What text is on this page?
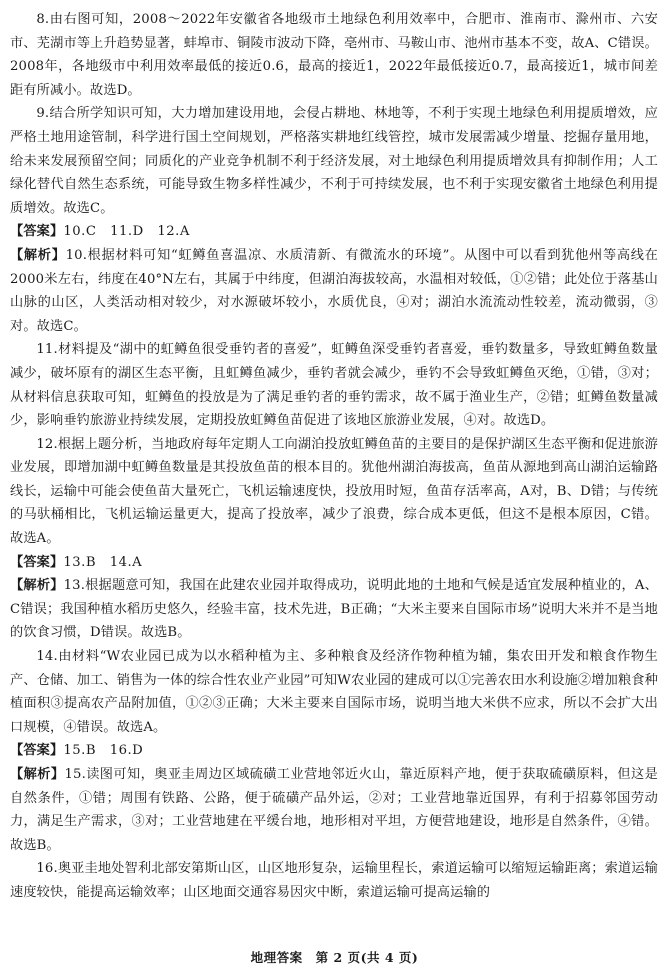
8.由右图可知，2008～2022年安徽省各地级市土地绿色利用效率中，合肥市、淮南市、滁州市、六安市、芜湖市等上升趋势显著，蚌埠市、铜陵市波动下降，亳州市、马鞍山市、池州市基本不变，故A、C错误。2008年，各地级市中利用效率最低的接近0.6，最高的接近1，2022年最低接近0.7，最高接近1，城市间差距有所减小。故选D。

9.结合所学知识可知，大力增加建设用地，会侵占耕地、林地等，不利于实现土地绿色利用提质增效，应严格土地用途管制，科学进行国土空间规划，严格落实耕地红线管控，城市发展需减少增量、挖掘存量用地，给未来发展预留空间；同质化的产业竞争机制不利于经济发展，对土地绿色利用提质增效具有抑制作用；人工绿化替代自然生态系统，可能导致生物多样性减少，不利于可持续发展，也不利于实现安徽省土地绿色利用提质增效。故选C。

【答案】10.C　11.D　12.A

【解析】10.根据材料可知“虹鳟鱼喜温凉、水质清新、有微流水的环境”。从图中可以看到犹他州等高线在2000米左右，纬度在40°N左右，其属于中纬度，但湖泊海拔较高，水温相对较低，①②错；此处位于落基山山脉的山区，人类活动相对较少，对水源破坏较小，水质优良，④对；湖泊水流流动性较差，流动微弱，③对。故选C。

11.材料提及“湖中的虹鳟鱼很受垂钓者的喜爱”，虹鳟鱼深受垂钓者喜爱，垂钓数量多，导致虹鳟鱼数量减少，破坏原有的湖区生态平衡，且虹鳟鱼减少，垂钓者就会减少，垂钓不会导致虹鳟鱼灭绝，①错，③对；从材料信息获取可知，虹鳟鱼的投放是为了满足垂钓者的垂钓需求，故不属于渔业生产，②错；虹鳟鱼数量减少，影响垂钓旅游业持续发展，定期投放虹鳟鱼苗促进了该地区旅游业发展，④对。故选D。

12.根据上题分析，当地政府每年定期人工向湖泊投放虹鳟鱼苗的主要目的是保护湖区生态平衡和促进旅游业发展，即增加湖中虹鳟鱼数量是其投放鱼苗的根本目的。犹他州湖泊海拔高，鱼苗从源地到高山湖泊运输路线长，运输中可能会使鱼苗大量死亡，飞机运输速度快，投放用时短，鱼苗存活率高，A对，B、D错；与传统的马驮桶相比，飞机运输运量更大，提高了投放率，减少了浪费，综合成本更低，但这不是根本原因，C错。故选A。

【答案】13.B　14.A

【解析】13.根据题意可知，我国在此建农业园并取得成功，说明此地的土地和气候是适宜发展种植业的，A、C错误；我国种植水稻历史悠久，经验丰富，技术先进，B正确；“大米主要来自国际市场”说明大米并不是当地的饮食习惯，D错误。故选B。

14.由材料“W农业园已成为以水稻种植为主、多种粮食及经济作物种植为辅，集农田开发和粮食作物生产、仓储、加工、销售为一体的综合性农业产业园”可知W农业园的建成可以①完善农田水利设施②增加粮食种植面积③提高农产品附加值，①②③正确；大米主要来自国际市场，说明当地大米供不应求，所以不会扩大出口规模，④错误。故选A。

【答案】15.B　16.D

【解析】15.读图可知，奥亚圭周边区域硫磺工业营地邻近火山，靠近原料产地，便于获取硫磺原料，但这是自然条件，①错；周围有铁路、公路，便于硫磺产品外运，②对；工业营地靠近国界，有利于招募邻国劳动力，满足生产需求，③对；工业营地建在平缓台地，地形相对平坦，方便营地建设，地形是自然条件，④错。故选B。

16.奥亚圭地处智利北部安第斯山区，山区地形复杂，运输里程长，索道运输可以缩短运输距离；索道运输速度较快，能提高运输效率；山区地面交通容易因灾中断，索道运输可提高运输的

地理答案　第 2 页(共 4 页)
